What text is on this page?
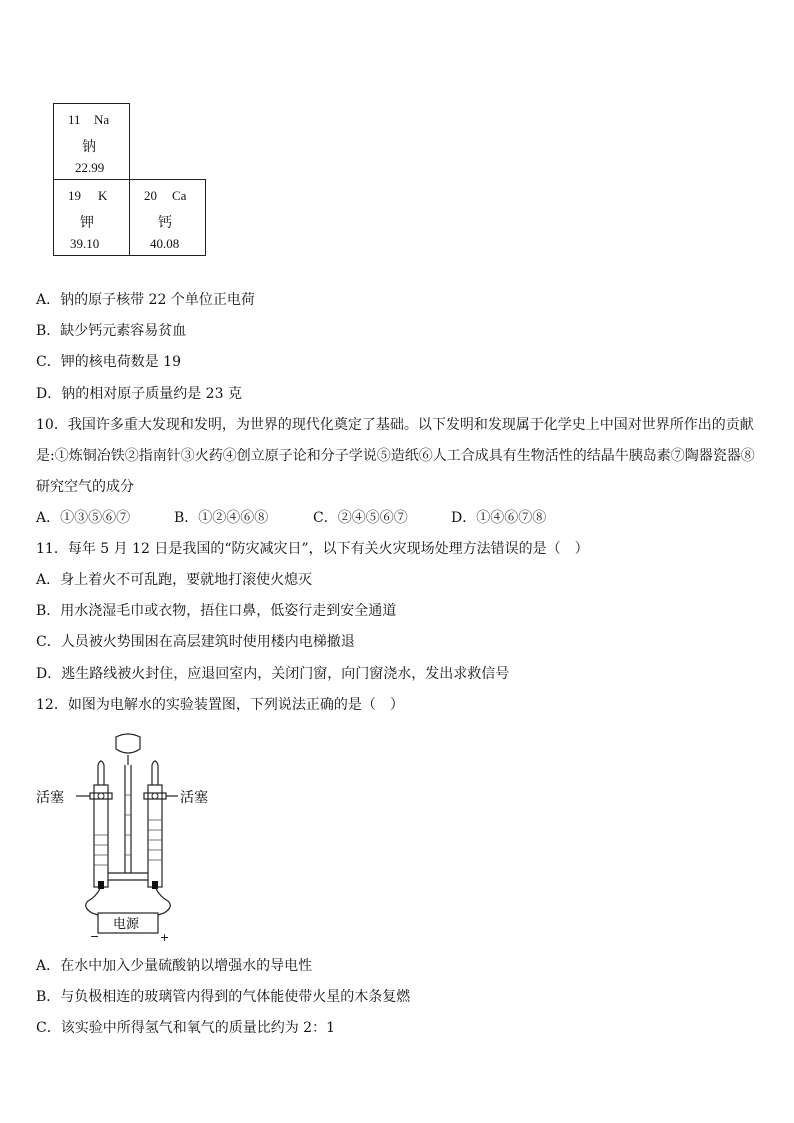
11 Na
钠
22.99
19 K
钾
39.10
20 Ca
钙
40.08
A．钠的原子核带 22 个单位正电荷
B．缺少钙元素容易贫血
C．钾的核电荷数是 19
D．钠的相对原子质量约是 23 克
10．我国许多重大发现和发明，为世界的现代化奠定了基础。以下发明和发现属于化学史上中国对世界所作出的贡献
是:①炼铜冶铁②指南针③火药④创立原子论和分子学说⑤造纸⑥人工合成具有生物活性的结晶牛胰岛素⑦陶器瓷器⑧
研究空气的成分
A．①③⑤⑥⑦	B．①②④⑥⑧	C．②④⑤⑥⑦	D．①④⑥⑦⑧
11．每年 5 月 12 日是我国的“防灾减灾日”，以下有关火灾现场处理方法错误的是（　）
A．身上着火不可乱跑，要就地打滚使火熄灭
B．用水浇湿毛巾或衣物，捂住口鼻，低姿行走到安全通道
C．人员被火势围困在高层建筑时使用楼内电梯撤退
D．逃生路线被火封住，应退回室内，关闭门窗，向门窗浇水，发出求救信号
12．如图为电解水的实验装置图，下列说法正确的是（　）
活塞	活塞
电源
−	+
A．在水中加入少量硫酸钠以增强水的导电性
B．与负极相连的玻璃管内得到的气体能使带火星的木条复燃
C．该实验中所得氢气和氧气的质量比约为 2：1
